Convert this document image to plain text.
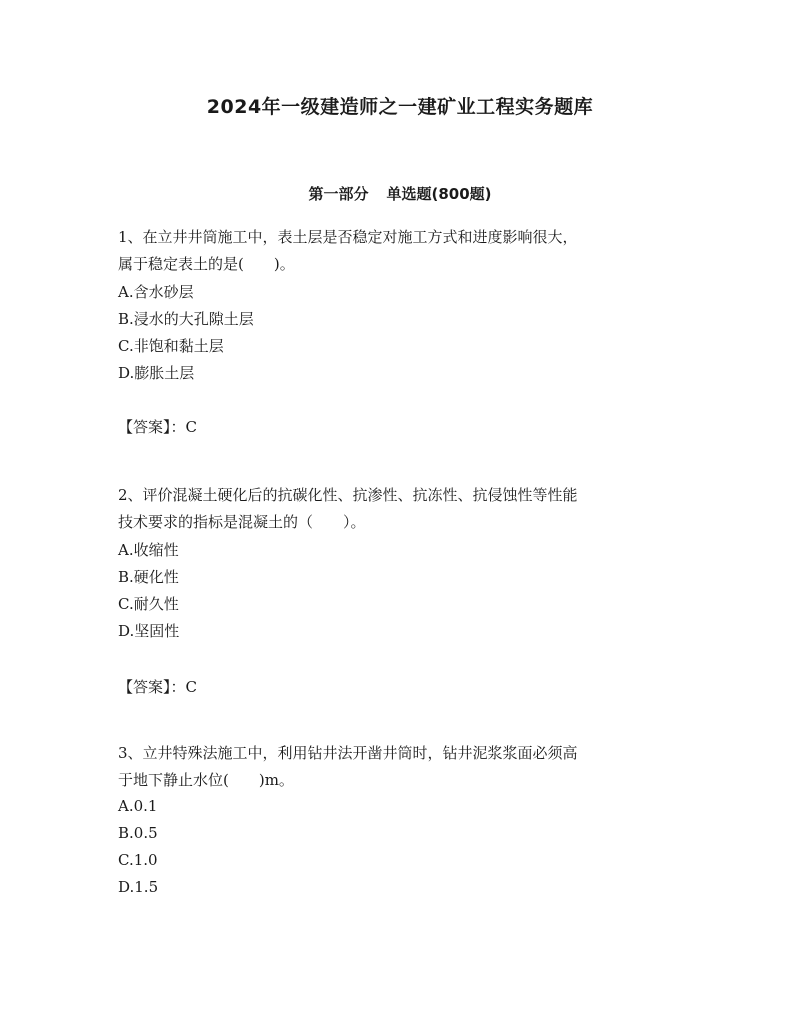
2024年一级建造师之一建矿业工程实务题库
第一部分 单选题(800题)
1、在立井井筒施工中，表土层是否稳定对施工方式和进度影响很大，
属于稳定表土的是(　　)。
A.含水砂层
B.浸水的大孔隙土层
C.非饱和黏土层
D.膨胀土层
【答案】：C
2、评价混凝土硬化后的抗碳化性、抗渗性、抗冻性、抗侵蚀性等性能
技术要求的指标是混凝土的（　　）。
A.收缩性
B.硬化性
C.耐久性
D.坚固性
【答案】：C
3、立井特殊法施工中，利用钻井法开凿井筒时，钻井泥浆浆面必须高
于地下静止水位(　　)m。
A.0.1
B.0.5
C.1.0
D.1.5
